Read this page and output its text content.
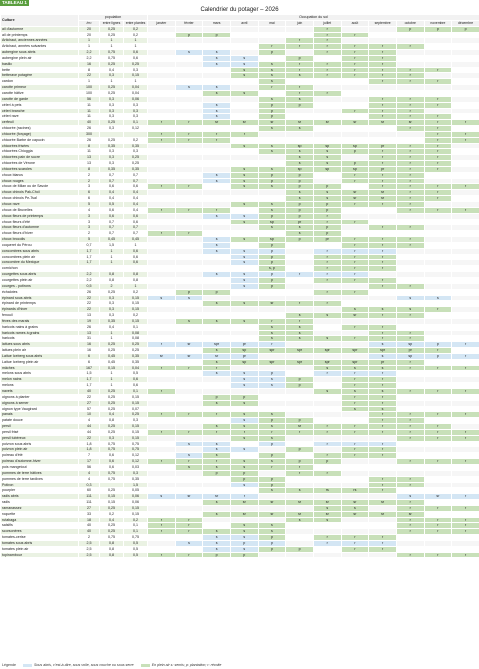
TABLEAU 1
Calendrier du potager – 2026
Culture	population			Occupation du sol											
	/m²	entre lignes	entre plantes	janvier	février	mars	avril	mai	juin	juillet	août	septembre	octobre	novembre	décembre
ail d'automne	20	0,25	0,2							r			p	p	p
ail de printemps	20	0,25	0,2		p	p				r	r				
Artichaut, anciennes années	1	1	1						r	r					
Artichaut, années suivantes	1	1	1					r	r	r	r	r	r		
aubergine sous abris	2,2	0,75	0,6		s	s		p		r	r	r			
aubergine plein air	2,2	0,75	0,6			s	s		p		r	r			
basilic	16	0,25	0,25			s	s	s	r	r	r	r			
bette	8	0,4	0,3				s	s	r	r	r	r	r	r	
betterave potagère	22	0,3	0,15				s	s	s	r	r	r	r		
cardon	1	1	1					s				r	r	r	
carotte primeur	100	0,25	0,04		s	s		r	r						
carotte hâtive	100	0,25	0,04			s	s		r	r					
carotte de garde	56	0,3	0,06					s	s			r	r	r	
céleri à pets	11	0,3	0,3			s		p	p			r	r	r	
céleri branche	11	0,3	0,3			s		p			r	r	r		
céleri rave	11	0,3	0,3			s		p				r	r	r	
cerfeuil	40	0,25	0,1	r	r	sr	sr	sr	sr	sr	sr	sr	sr	r	r
chicorée (racines)	26	0,3	0,12					s	s				r	r	
chicorée (forçage)	300			r	r	r	r							r	r
chicorée Barbe de capucin	26	0,25	0,2	r	r	r								r	r
chicorées frisées	8	0,35	0,35				s	s	sp	sp	sp	pr	r	r	
chicorées Chioggia	11	0,3	0,3					s	s	s	p	r	r	r	
chicorées pain de sucre	13	0,3	0,25						s	s		r	r	r	
chicorées de Vérone	13	0,3	0,25						s	s	p	r	r	r	
chicorées scaroles	8	0,35	0,35				s	s	sp	sp	sp	pr	r	r	
choux blancs	2	0,7	0,7			s	s	p	p		r	r	r		
choux rouges	2	0,7	0,7			s	s	p	p		r	r	r		
choux de Milan ou de Savoie	3	0,6	0,6	r	r		s	s	p	p		r	r	r	r
choux chinois Pak-Choï	6	0,4	0,4						s	s	sr	sr	r	r	
choux chinois Pe-Tsaï	6	0,4	0,4						s	s	sr	sr	r	r	
choux rave	5	0,5	0,4				s	s	p	p	r	r	r		
choux de Bruxelles	4	0,6	0,4	r	r	r		s	p	p			r	r	r
choux fleurs de printemps	3	0,6	0,6			s	s	p	p	r					
choux fleurs d'été	3	0,7	0,6				s	sp	pr	r	r				
choux fleurs d'automne	3	0,7	0,7					s	s	p		r	r		
choux fleurs d'hiver	2	0,7	0,7	r	r				s	p					
choux brocolis	5	0,45	0,45			s	s	sp	p	pr	r	r	r		
coqueret du Pérou	0,7	1,5	1			s		p			r	r	r		
concombres sous abris	1,7	1	0,6			s	s	p		r	r	r			
concombres plein air	1,7	1	0,6				s	p		r	r	r			
concombre du Mexique	1,7	1	0,6				s	p		r	r	r			
cornichon								s, p		r	r	r			
courgettes sous abris	2,2	0,8	0,8			s	s	p	r	r	r				
courgettes plein air	2,2	0,8	0,8				s	p		r	r	r			
courges - potirons	0,5	2	1				s	p				r	r		
échalotes	26	0,25	0,2		p	p				r	r				
épinard sous abris	22	0,3	0,15	s	s								s	s	
épinard de printemps	22	0,3	0,15			s	s	sr	r	r					
épinards d'hiver	22	0,3	0,15								s	s	s	r	
fenouil	13	0,3	0,2						s	s	sr	r	r		
fèves des marais	19	0,35	0,15		s	s	s	r	r						
haricots nains à grains	26	0,4	0,1					s	s		r	r			
haricots rames à grains	13	1	0,08					s	s			r	r		
haricots	31	1	0,08					s	s	s	r	r	r		
laitues sous abris	16	0,25	0,25	r	sr	spr	pr	r				s	sp	p	r
laitues plein air	16	0,25	0,25			s	sp	spr	spr	spr	spr	spr	pr	r	
Laitue Iceberg sous abris	6	0,45	0,35	sr	sr	sr	pr					s	sp	p	r
Laitue Iceberg plein air	6	0,45	0,35			s	sp	spr	spr	spr	spr	pr	r		
mâches	167	0,15	0,04	r	r	r				s	s	s	r	r	r
melons sous abris	1,5	1	0,5			s	s	p		r	r	r			
melon nains	1,7	1	0,6				s	s	p		r	r			
melons	1,7	1	0,6				s	s	p		r	r			
navets	40	0,25	0,1	r						s	s	s	r	r	r
oignons à planter	22	0,25	0,15			p	p				r	r			
oignons à semer	27	0,25	0,15			s	s				r	r			
oignon type Vaugirard	57	0,25	0,07								s	s			
panais	10	0,4	0,25	r	r	r	s	s				r	r	r	r
patate douce	4	0,8	0,3				s	p	p			r	r		
persil	44	0,25	0,15			s	s	s	sr	r	r	r	r	r	
persil frisé	44	0,25	0,15	r	r	r	r	r	r	r	r	r	r	r	r
persil tubéreux	22	0,3	0,15				s	s					r	r	r
poivron sous abris	1,8	0,75	0,75		s	s		p		r	r	r			
poivron plein air	1,8	0,75	0,75			s	s		p		r	r			
poireau d'été	7	0,6	0,12		s	s		p		r	r	r			
poireau d'automne-hiver	17	0,6	0,12	r	r	r	s	s	p	p			r	r	r
pois mangetout	56	0,6	0,03		s	s	s	r	r						
pommes de terre hâtives	4	0,75	0,3			p	p		r	r					
pommes de terre tardives	4	0,75	0,35				p	p				r	r		
Potiron	0,3		1,5				s	p				r	r		
pourpier	60	0,25	0,05					s	s	rs	rs	r			
radis abris	111	0,15	0,06	s	sr	sr	r						s	sr	r
radis	111	0,15	0,06			s	sr	sr	sr	sr	sr	sr	r		
ramanassez	27	0,25	0,15							s	s		r	r	r
roquette	33	0,2	0,15			s	sr	sr	sr	sr	sr	sr	sr		
rutabaga	18	0,4	0,2	r	r				s	s			r	r	r
salsifis	40	0,25	0,1	r	r		s	s					r	r	r
scorsonères	40	0,25	0,1	r	r	s	s	s					r	r	r
tomates-cerise	2	0,75	0,75			s	s	p		r	r	r			
tomates sous abris	2,5	0,8	0,5		s	s	p	p		r	r	r			
tomates plein air	2,5	0,8	0,5			s	s	p	p		r	r			
topinambour	2,5	0,8	0,5	r	r	p	p						r	r	r
Légende	Sous abris, c’est-à-dire, sous voile, sous couche ou sous serre	En plein air s: semis; p: plantation; r: récolte
